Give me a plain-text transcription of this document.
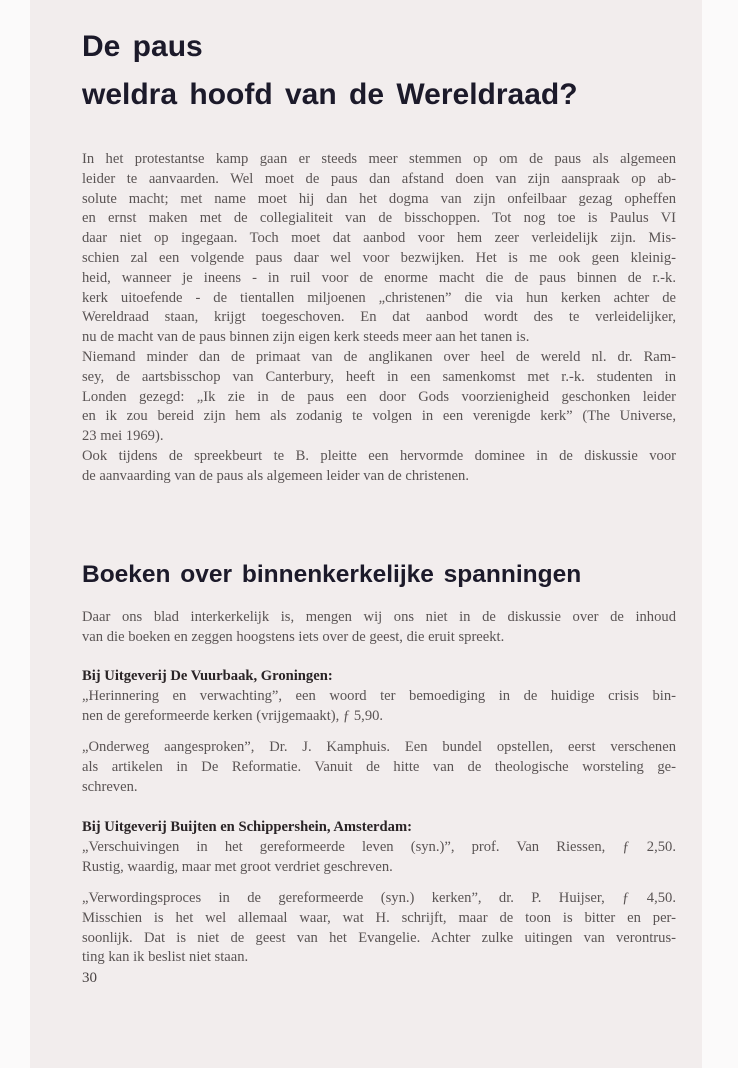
De paus
weldra hoofd van de Wereldraad?
In het protestantse kamp gaan er steeds meer stemmen op om de paus als algemeen
leider te aanvaarden. Wel moet de paus dan afstand doen van zijn aanspraak op ab-
solute macht; met name moet hij dan het dogma van zijn onfeilbaar gezag opheffen
en ernst maken met de collegialiteit van de bisschoppen. Tot nog toe is Paulus VI
daar niet op ingegaan. Toch moet dat aanbod voor hem zeer verleidelijk zijn. Mis-
schien zal een volgende paus daar wel voor bezwijken. Het is me ook geen kleinig-
heid, wanneer je ineens - in ruil voor de enorme macht die de paus binnen de r.-k.
kerk uitoefende - de tientallen miljoenen „christenen” die via hun kerken achter de
Wereldraad staan, krijgt toegeschoven. En dat aanbod wordt des te verleidelijker,
nu de macht van de paus binnen zijn eigen kerk steeds meer aan het tanen is.
Niemand minder dan de primaat van de anglikanen over heel de wereld nl. dr. Ram-
sey, de aartsbisschop van Canterbury, heeft in een samenkomst met r.-k. studenten in
Londen gezegd: „Ik zie in de paus een door Gods voorzienigheid geschonken leider
en ik zou bereid zijn hem als zodanig te volgen in een verenigde kerk” (The Universe,
23 mei 1969).
Ook tijdens de spreekbeurt te B. pleitte een hervormde dominee in de diskussie voor
de aanvaarding van de paus als algemeen leider van de christenen.
Boeken over binnenkerkelijke spanningen
Daar ons blad interkerkelijk is, mengen wij ons niet in de diskussie over de inhoud
van die boeken en zeggen hoogstens iets over de geest, die eruit spreekt.
Bij Uitgeverij De Vuurbaak, Groningen:
„Herinnering en verwachting”, een woord ter bemoediging in de huidige crisis bin-
nen de gereformeerde kerken (vrijgemaakt), ƒ 5,90.
„Onderweg aangesproken”, Dr. J. Kamphuis. Een bundel opstellen, eerst verschenen
als artikelen in De Reformatie. Vanuit de hitte van de theologische worsteling ge-
schreven.
Bij Uitgeverij Buijten en Schippershein, Amsterdam:
„Verschuivingen in het gereformeerde leven (syn.)”, prof. Van Riessen, ƒ 2,50.
Rustig, waardig, maar met groot verdriet geschreven.
„Verwordingsproces in de gereformeerde (syn.) kerken”, dr. P. Huijser, ƒ 4,50.
Misschien is het wel allemaal waar, wat H. schrijft, maar de toon is bitter en per-
soonlijk. Dat is niet de geest van het Evangelie. Achter zulke uitingen van verontrus-
ting kan ik beslist niet staan.
30
